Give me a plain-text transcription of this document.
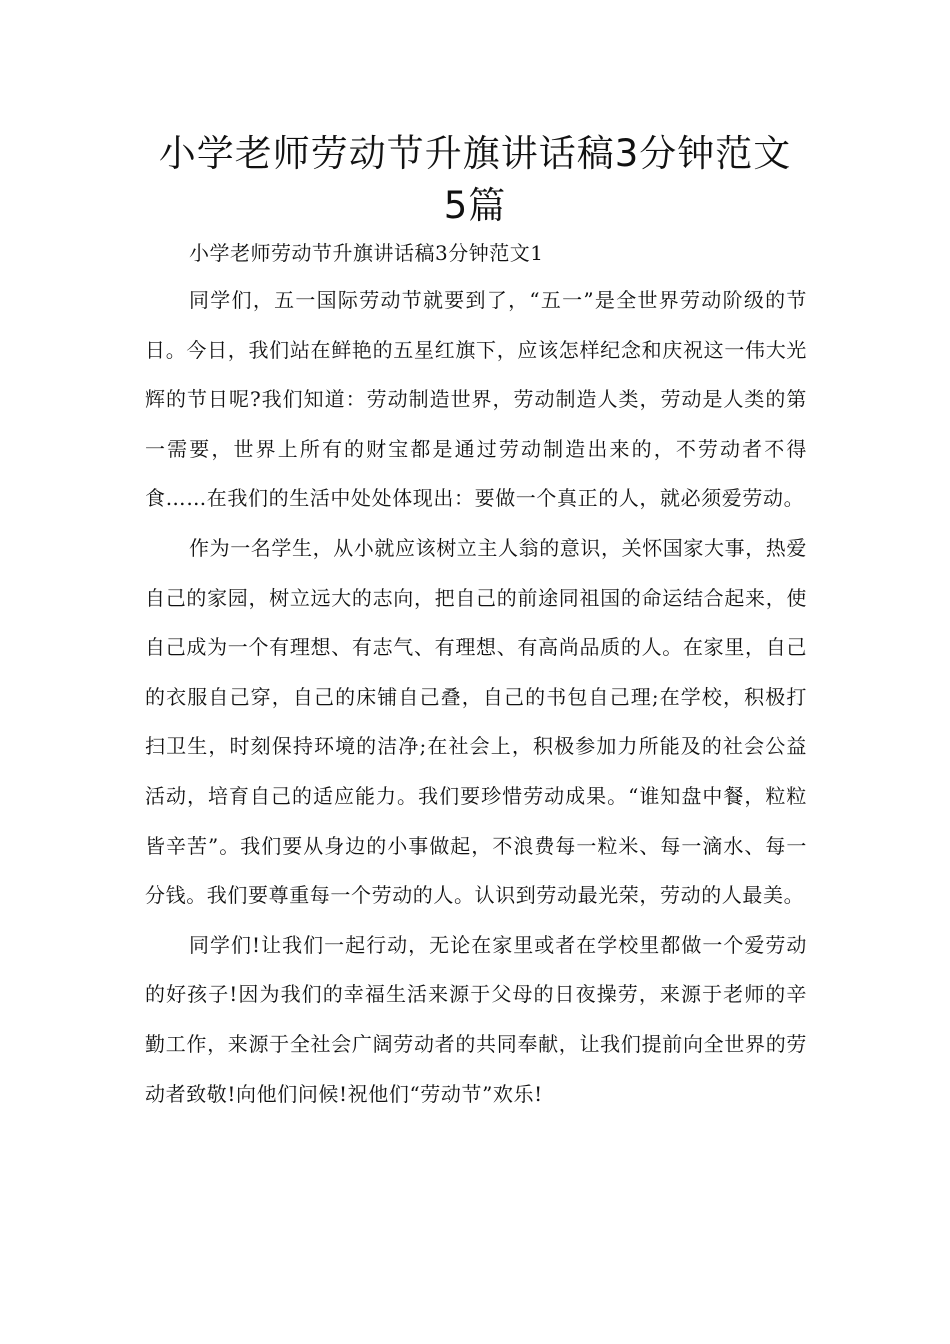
小学老师劳动节升旗讲话稿3分钟范文
5篇

小学老师劳动节升旗讲话稿3分钟范文1

同学们，五一国际劳动节就要到了，“五一”是全世界劳动阶级的节日。今日，我们站在鲜艳的五星红旗下，应该怎样纪念和庆祝这一伟大光辉的节日呢?我们知道：劳动制造世界，劳动制造人类，劳动是人类的第一需要，世界上所有的财宝都是通过劳动制造出来的，不劳动者不得食……在我们的生活中处处体现出：要做一个真正的人，就必须爱劳动。

作为一名学生，从小就应该树立主人翁的意识，关怀国家大事，热爱自己的家园，树立远大的志向，把自己的前途同祖国的命运结合起来，使自己成为一个有理想、有志气、有理想、有高尚品质的人。在家里，自己的衣服自己穿，自己的床铺自己叠，自己的书包自己理;在学校，积极打扫卫生，时刻保持环境的洁净;在社会上，积极参加力所能及的社会公益活动，培育自己的适应能力。我们要珍惜劳动成果。“谁知盘中餐，粒粒皆辛苦”。我们要从身边的小事做起，不浪费每一粒米、每一滴水、每一分钱。我们要尊重每一个劳动的人。认识到劳动最光荣，劳动的人最美。

同学们!让我们一起行动，无论在家里或者在学校里都做一个爱劳动的好孩子!因为我们的幸福生活来源于父母的日夜操劳，来源于老师的辛勤工作，来源于全社会广阔劳动者的共同奉献，让我们提前向全世界的劳动者致敬!向他们问候!祝他们“劳动节”欢乐!
